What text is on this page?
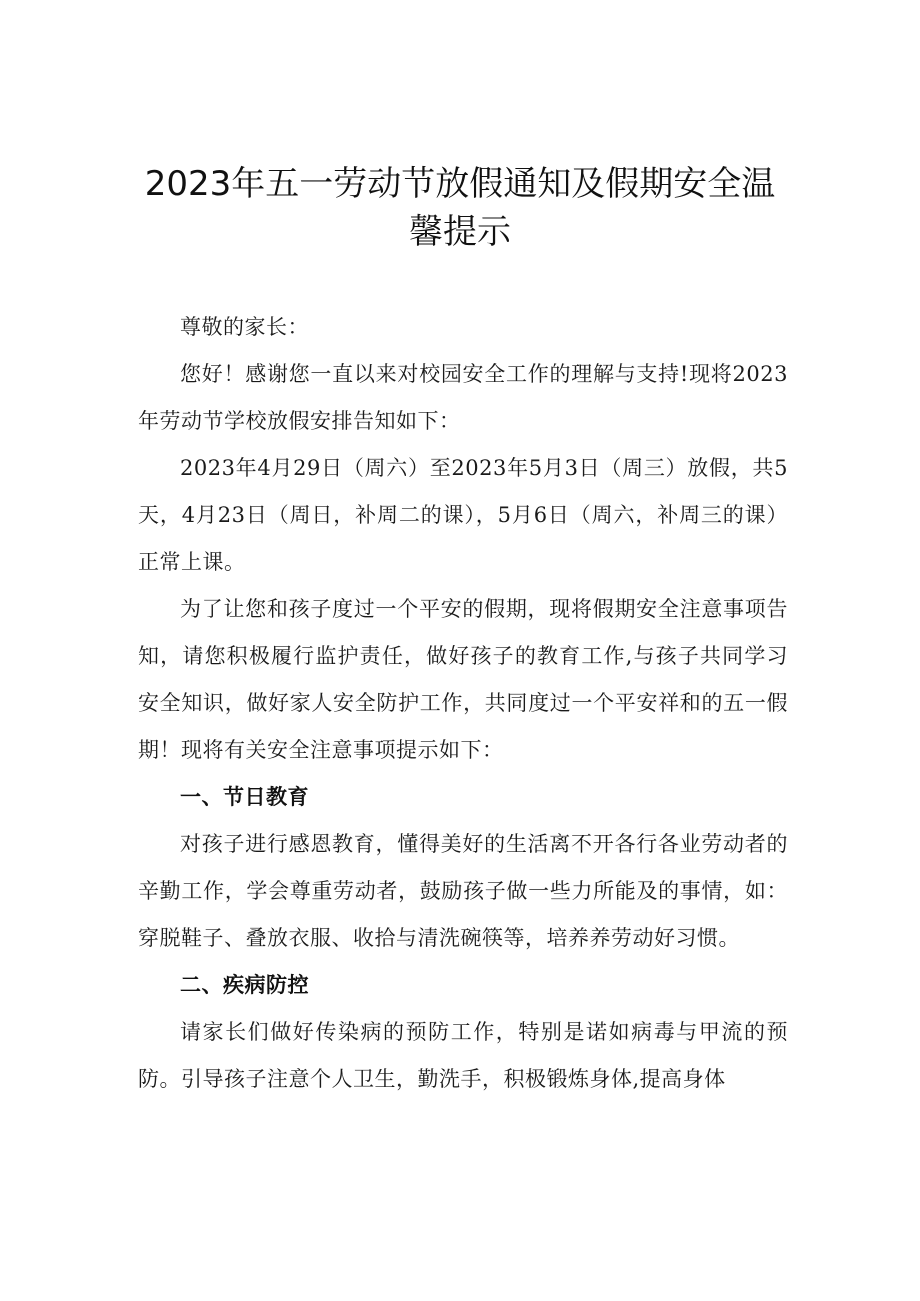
2023年五一劳动节放假通知及假期安全温
馨提示

尊敬的家长：

您好！感谢您一直以来对校园安全工作的理解与支持!现将2023年劳动节学校放假安排告知如下：

2023年4月29日（周六）至2023年5月3日（周三）放假，共5天，4月23日（周日，补周二的课），5月6日（周六，补周三的课）正常上课。

为了让您和孩子度过一个平安的假期，现将假期安全注意事项告知，请您积极履行监护责任，做好孩子的教育工作,与孩子共同学习安全知识，做好家人安全防护工作，共同度过一个平安祥和的五一假期！现将有关安全注意事项提示如下：

一、节日教育

对孩子进行感恩教育，懂得美好的生活离不开各行各业劳动者的辛勤工作，学会尊重劳动者，鼓励孩子做一些力所能及的事情，如：穿脱鞋子、叠放衣服、收拾与清洗碗筷等，培养养劳动好习惯。

二、疾病防控

请家长们做好传染病的预防工作，特别是诺如病毒与甲流的预防。引导孩子注意个人卫生，勤洗手，积极锻炼身体,提高身体
